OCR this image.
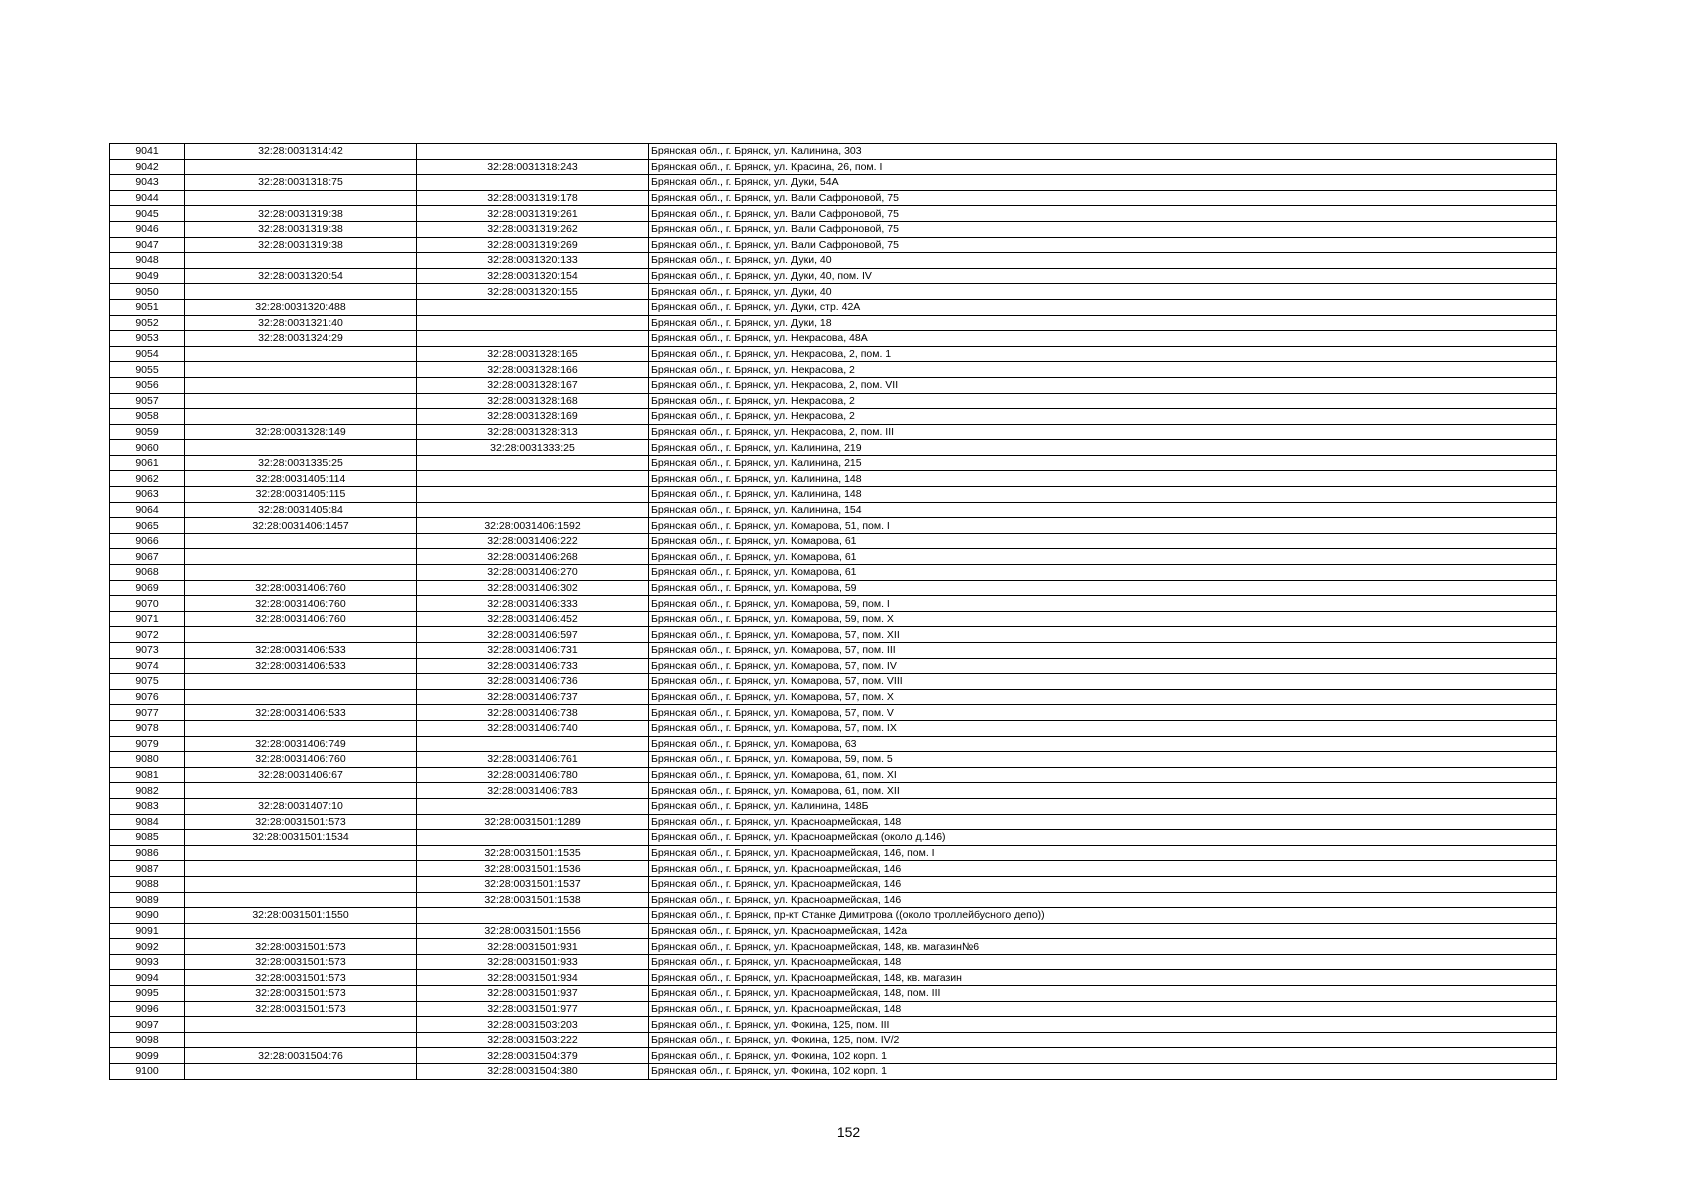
9041	32:28:0031314:42		Брянская обл., г. Брянск, ул. Калинина, 303
9042		32:28:0031318:243	Брянская обл., г. Брянск, ул. Красина, 26, пом. I
9043	32:28:0031318:75		Брянская обл., г. Брянск, ул. Дуки, 54А
9044		32:28:0031319:178	Брянская обл., г. Брянск, ул. Вали Сафроновой, 75
9045	32:28:0031319:38	32:28:0031319:261	Брянская обл., г. Брянск, ул. Вали Сафроновой, 75
9046	32:28:0031319:38	32:28:0031319:262	Брянская обл., г. Брянск, ул. Вали Сафроновой, 75
9047	32:28:0031319:38	32:28:0031319:269	Брянская обл., г. Брянск, ул. Вали Сафроновой, 75
9048		32:28:0031320:133	Брянская обл., г. Брянск, ул. Дуки, 40
9049	32:28:0031320:54	32:28:0031320:154	Брянская обл., г. Брянск, ул. Дуки, 40, пом. IV
9050		32:28:0031320:155	Брянская обл., г. Брянск, ул. Дуки, 40
9051	32:28:0031320:488		Брянская обл., г. Брянск, ул. Дуки, стр. 42А
9052	32:28:0031321:40		Брянская обл., г. Брянск, ул. Дуки, 18
9053	32:28:0031324:29		Брянская обл., г. Брянск, ул. Некрасова, 48А
9054		32:28:0031328:165	Брянская обл., г. Брянск, ул. Некрасова, 2, пом. 1
9055		32:28:0031328:166	Брянская обл., г. Брянск, ул. Некрасова, 2
9056		32:28:0031328:167	Брянская обл., г. Брянск, ул. Некрасова, 2, пом. VII
9057		32:28:0031328:168	Брянская обл., г. Брянск, ул. Некрасова, 2
9058		32:28:0031328:169	Брянская обл., г. Брянск, ул. Некрасова, 2
9059	32:28:0031328:149	32:28:0031328:313	Брянская обл., г. Брянск, ул. Некрасова, 2, пом. III
9060		32:28:0031333:25	Брянская обл., г. Брянск, ул. Калинина, 219
9061	32:28:0031335:25		Брянская обл., г. Брянск, ул. Калинина, 215
9062	32:28:0031405:114		Брянская обл., г. Брянск, ул. Калинина, 148
9063	32:28:0031405:115		Брянская обл., г. Брянск, ул. Калинина, 148
9064	32:28:0031405:84		Брянская обл., г. Брянск, ул. Калинина, 154
9065	32:28:0031406:1457	32:28:0031406:1592	Брянская обл., г. Брянск, ул. Комарова, 51, пом. I
9066		32:28:0031406:222	Брянская обл., г. Брянск, ул. Комарова, 61
9067		32:28:0031406:268	Брянская обл., г. Брянск, ул. Комарова, 61
9068		32:28:0031406:270	Брянская обл., г. Брянск, ул. Комарова, 61
9069	32:28:0031406:760	32:28:0031406:302	Брянская обл., г. Брянск, ул. Комарова, 59
9070	32:28:0031406:760	32:28:0031406:333	Брянская обл., г. Брянск, ул. Комарова, 59, пом. I
9071	32:28:0031406:760	32:28:0031406:452	Брянская обл., г. Брянск, ул. Комарова, 59, пом. X
9072		32:28:0031406:597	Брянская обл., г. Брянск, ул. Комарова, 57, пом. XII
9073	32:28:0031406:533	32:28:0031406:731	Брянская обл., г. Брянск, ул. Комарова, 57, пом. III
9074	32:28:0031406:533	32:28:0031406:733	Брянская обл., г. Брянск, ул. Комарова, 57, пом. IV
9075		32:28:0031406:736	Брянская обл., г. Брянск, ул. Комарова, 57, пом. VIII
9076		32:28:0031406:737	Брянская обл., г. Брянск, ул. Комарова, 57, пом. X
9077	32:28:0031406:533	32:28:0031406:738	Брянская обл., г. Брянск, ул. Комарова, 57, пом. V
9078		32:28:0031406:740	Брянская обл., г. Брянск, ул. Комарова, 57, пом. IX
9079	32:28:0031406:749		Брянская обл., г. Брянск, ул. Комарова, 63
9080	32:28:0031406:760	32:28:0031406:761	Брянская обл., г. Брянск, ул. Комарова, 59, пом. 5
9081	32:28:0031406:67	32:28:0031406:780	Брянская обл., г. Брянск, ул. Комарова, 61, пом. XI
9082		32:28:0031406:783	Брянская обл., г. Брянск, ул. Комарова, 61, пом. XII
9083	32:28:0031407:10		Брянская обл., г. Брянск, ул. Калинина, 148Б
9084	32:28:0031501:573	32:28:0031501:1289	Брянская обл., г. Брянск, ул. Красноармейская, 148
9085	32:28:0031501:1534		Брянская обл., г. Брянск, ул. Красноармейская (около д.146)
9086		32:28:0031501:1535	Брянская обл., г. Брянск, ул. Красноармейская, 146, пом. I
9087		32:28:0031501:1536	Брянская обл., г. Брянск, ул. Красноармейская, 146
9088		32:28:0031501:1537	Брянская обл., г. Брянск, ул. Красноармейская, 146
9089		32:28:0031501:1538	Брянская обл., г. Брянск, ул. Красноармейская, 146
9090	32:28:0031501:1550		Брянская обл., г. Брянск, пр-кт Станке Димитрова ((около троллейбусного депо))
9091		32:28:0031501:1556	Брянская обл., г. Брянск, ул. Красноармейская, 142а
9092	32:28:0031501:573	32:28:0031501:931	Брянская обл., г. Брянск, ул. Красноармейская, 148, кв. магазин№6
9093	32:28:0031501:573	32:28:0031501:933	Брянская обл., г. Брянск, ул. Красноармейская, 148
9094	32:28:0031501:573	32:28:0031501:934	Брянская обл., г. Брянск, ул. Красноармейская, 148, кв. магазин
9095	32:28:0031501:573	32:28:0031501:937	Брянская обл., г. Брянск, ул. Красноармейская, 148, пом. III
9096	32:28:0031501:573	32:28:0031501:977	Брянская обл., г. Брянск, ул. Красноармейская, 148
9097		32:28:0031503:203	Брянская обл., г. Брянск, ул. Фокина, 125, пом. III
9098		32:28:0031503:222	Брянская обл., г. Брянск, ул. Фокина, 125, пом. IV/2
9099	32:28:0031504:76	32:28:0031504:379	Брянская обл., г. Брянск, ул. Фокина, 102 корп. 1
9100		32:28:0031504:380	Брянская обл., г. Брянск, ул. Фокина, 102 корп. 1
152
